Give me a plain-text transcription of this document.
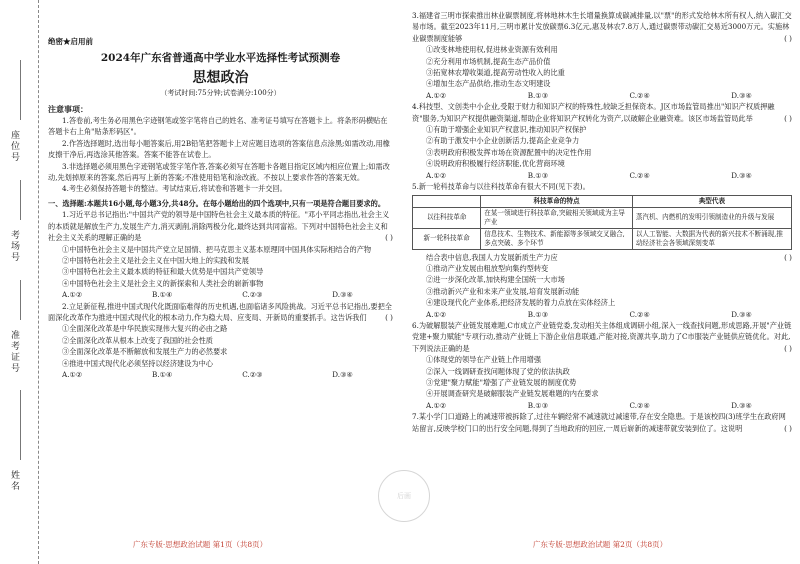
座位号
考场号
准考证号
姓名
绝密★启用前
2024年广东省普通高中学业水平选择性考试预测卷
思想政治
（考试时间:75分钟;试卷满分:100分）
注意事项：

1.答卷前,考生务必用黑色字迹钢笔或签字笔将自己的姓名、准考证号填写在答题卡上。将条形码横贴在答题卡右上角"贴条形码区"。

2.作答选择题时,选出每小题答案后,用2B铅笔把答题卡上对应题目选项的答案信息点涂黑;如需改动,用橡皮擦干净后,再选涂其他答案。答案不能答在试卷上。

3.非选择题必须用黑色字迹钢笔或签字笔作答,答案必须写在答题卡各题目指定区域内相应位置上;如需改动,先划掉原来的答案,然后再写上新的答案;不准使用铅笔和涂改液。不按以上要求作答的答案无效。

4.考生必须保持答题卡的整洁。考试结束后,将试卷和答题卡一并交回。

一、选择题:本题共16小题,每小题3分,共48分。在每小题给出的四个选项中,只有一项是符合题目要求的。

1.习近平总书记指出:"中国共产党的领导是中国特色社会主义最本质的特征。"邓小平同志指出,社会主义的本质就是解放生产力,发展生产力,消灭剥削,消除两极分化,最终达到共同富裕。下列对中国特色社会主义和社会主义关系的理解正确的是	( )

①中国特色社会主义是中国共产党立足国情、把马克思主义基本原理同中国具体实际相结合的产物

②中国特色社会主义是社会主义在中国大地上的实践和发展

③中国特色社会主义最本质的特征和最大优势是中国共产党领导

④中国特色社会主义是社会主义的新探索和人类社会的崭新事物

A.①②	B.①④	C.②③	D.③④

2.立足新征程,推进中国式现代化既面临难得的历史机遇,也面临诸多风险挑战。习近平总书记指出,要把全面深化改革作为推进中国式现代化的根本动力,作为稳大局、应变局、开新局的重要抓手。这告诉我们	( )

①全面深化改革是中华民族实现伟大复兴的必由之路

②全面深化改革从根本上改变了我国的社会性质

③全面深化改革是不断解放和发展生产力的必然要求

④推进中国式现代化必须坚持以经济建设为中心

A.①②	B.①④	C.②③	D.③④
广东专版·思想政治试题 第1页（共8页）

3.福建省三明市探索推出林业碳票制度,将林地林木生长增量换算成碳减排量,以"票"的形式发给林木所有权人,纳入碳汇交易市场。截至2023年11月,三明市累计发放碳票6.3亿元,惠及林农7.8万人,通过碳票带动碳汇交易近3000万元。实施林业碳票制度能够	( )

①改变林地使用权,促进林业资源有效利用

②充分利用市场机制,提高生态产品价值

③拓宽林农增收渠道,提高劳动性收入的比重

④增加生态产品供给,推动生态文明建设

A.①②	B.①③	C.②④	D.③④

4.科技型、文创类中小企业,受限于财力和知识产权的特殊性,较缺乏担保资本。J区市场监管局推出"知识产权质押融资"服务,为知识产权提供融资渠道,帮助企业将知识产权转化为资产,以破解企业融资难。该区市场监管局此举	( )

①有助于增强企业知识产权意识,推动知识产权保护

②有助于激发中小企业创新活力,提高企业竞争力

③表明政府积极发挥市场在资源配置中的决定性作用

④说明政府积极履行经济职能,优化营商环境

A.①②	B.①③	C.②④	D.③④

5.新一轮科技革命与以往科技革命有很大不同(见下表)。

	科技革命的特点	典型代表
以往科技革命	在某一领域进行科技革命,突破相关领域成为主导产业	蒸汽机、内燃机的发明引领制造业的升级与发展
新一轮科技革命	信息技术、生物技术、新能源等多领域交叉融合,多点突破、多个环节	以人工智能、大数据为代表的新兴技术不断涌现,推动经济社会各领域深刻变革

结合表中信息,我国人力发展新质生产力应	( )

①推动产业发展由粗放型向集约型转变

②进一步深化改革,加快构建全国统一大市场

③推动新兴产业和未来产业发展,培育发展新动能

④建设现代化产业体系,把经济发展的着力点放在实体经济上

A.①②	B.①③	C.②④	D.③④

6.为破解服装产业链发展难题,C市成立产业链党委,发动相关主体组成调研小组,深入一线查找问题,形成思路,开展"产业链党建+聚力赋能"专项行动,推动产业链上下游企业信息联通,产能对接,资源共享,助力了C市服装产业链供应链优化。对此,下列说法正确的是	( )

①体现党的领导在产业链上作用增强

②深入一线调研查找问题体现了党的依法执政

③党建"聚力赋能"增强了产业链发展的制度优势

④开展调查研究是破解服装产业链发展难题的内在要求

A.①②	B.①③	C.②④	D.③④

7.某小学门口道路上的减速带被拆除了,过往车辆经常不减速就过减速带,存在安全隐患。于是该校四(3)班学生在政府网站留言,反映学校门口的出行安全问题,得到了当地政府的回应,一周后崭新的减速带就安装到位了。这说明	( )

广东专版·思想政治试题 第2页（共8页）
后画
